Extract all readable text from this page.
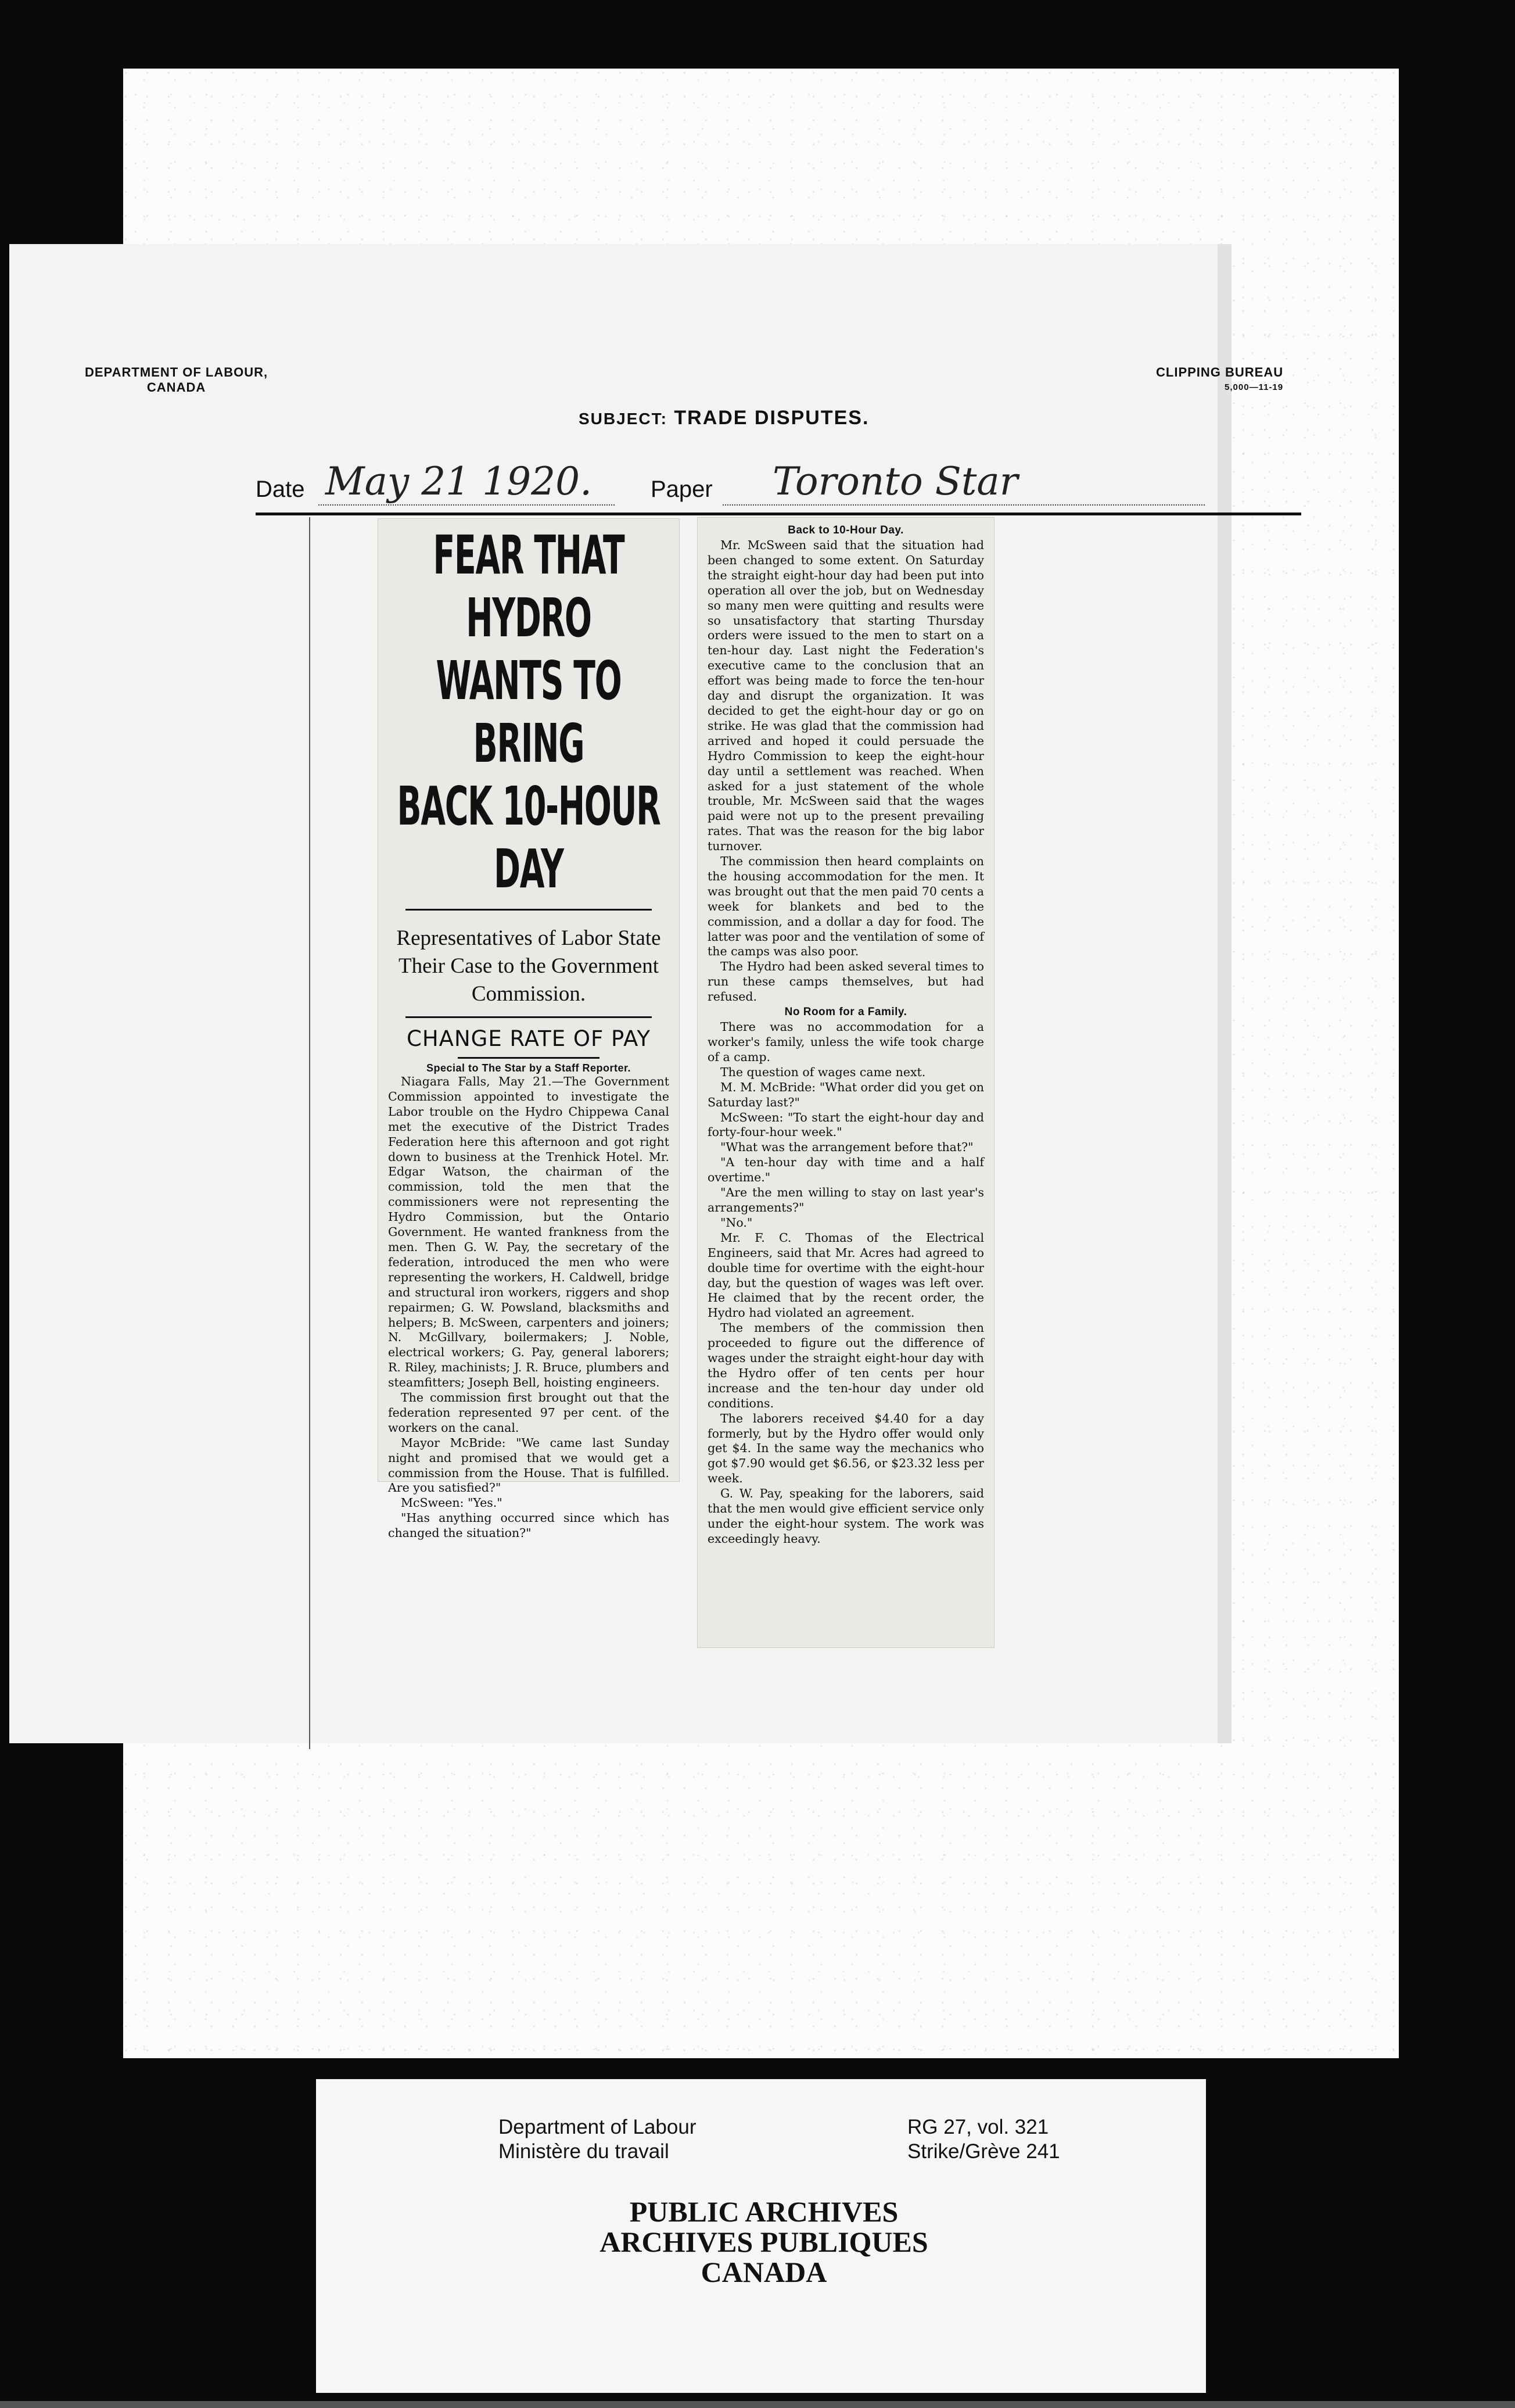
DEPARTMENT OF LABOUR,
CANADA
CLIPPING BUREAU
5,000—11-19
SUBJECT: TRADE DISPUTES.
Date May 21 1920.	Paper Toronto Star
FEAR THAT HYDRO
WANTS TO BRING
BACK 10-HOUR DAY
Representatives of Labor State Their Case to the Government Commission.
CHANGE RATE OF PAY
Special to The Star by a Staff Reporter.

Niagara Falls, May 21.—The Government Commission appointed to investigate the Labor trouble on the Hydro Chippewa Canal met the executive of the District Trades Federation here this afternoon and got right down to business at the Trenhick Hotel. Mr. Edgar Watson, the chairman of the commission, told the men that the commissioners were not representing the Hydro Commission, but the Ontario Government. He wanted frankness from the men. Then G. W. Pay, the secretary of the federation, introduced the men who were representing the workers, H. Caldwell, bridge and structural iron workers, riggers and shop repairmen; G. W. Powsland, blacksmiths and helpers; B. McSween, carpenters and joiners; N. McGillvary, boilermakers; J. Noble, electrical workers; G. Pay, general laborers; R. Riley, machinists; J. R. Bruce, plumbers and steamfitters; Joseph Bell, hoisting engineers.

The commission first brought out that the federation represented 97 per cent. of the workers on the canal.

Mayor McBride: "We came last Sunday night and promised that we would get a commission from the House. That is fulfilled. Are you satisfied?"

McSween: "Yes."

"Has anything occurred since which has changed the situation?"

Back to 10-Hour Day.

Mr. McSween said that the situation had been changed to some extent. On Saturday the straight eight-hour day had been put into operation all over the job, but on Wednesday so many men were quitting and results were so unsatisfactory that starting Thursday orders were issued to the men to start on a ten-hour day. Last night the Federation's executive came to the conclusion that an effort was being made to force the ten-hour day and disrupt the organization. It was decided to get the eight-hour day or go on strike. He was glad that the commission had arrived and hoped it could persuade the Hydro Commission to keep the eight-hour day until a settlement was reached. When asked for a just statement of the whole trouble, Mr. McSween said that the wages paid were not up to the present prevailing rates. That was the reason for the big labor turnover.

The commission then heard complaints on the housing accommodation for the men. It was brought out that the men paid 70 cents a week for blankets and bed to the commission, and a dollar a day for food. The latter was poor and the ventilation of some of the camps was also poor.

The Hydro had been asked several times to run these camps themselves, but had refused.

No Room for a Family.

There was no accommodation for a worker's family, unless the wife took charge of a camp.

The question of wages came next.

M. M. McBride: "What order did you get on Saturday last?"

McSween: "To start the eight-hour day and forty-four-hour week."

"What was the arrangement before that?"

"A ten-hour day with time and a half overtime."

"Are the men willing to stay on last year's arrangements?"

"No."

Mr. F. C. Thomas of the Electrical Engineers, said that Mr. Acres had agreed to double time for overtime with the eight-hour day, but the question of wages was left over. He claimed that by the recent order, the Hydro had violated an agreement.

The members of the commission then proceeded to figure out the difference of wages under the straight eight-hour day with the Hydro offer of ten cents per hour increase and the ten-hour day under old conditions.

The laborers received $4.40 for a day formerly, but by the Hydro offer would only get $4. In the same way the mechanics who got $7.90 would get $6.56, or $23.32 less per week.

G. W. Pay, speaking for the laborers, said that the men would give efficient service only under the eight-hour system. The work was exceedingly heavy.

Department of Labour
Ministère du travail
RG 27, vol. 321
Strike/Grève 241
PUBLIC ARCHIVES
ARCHIVES PUBLIQUES
CANADA
